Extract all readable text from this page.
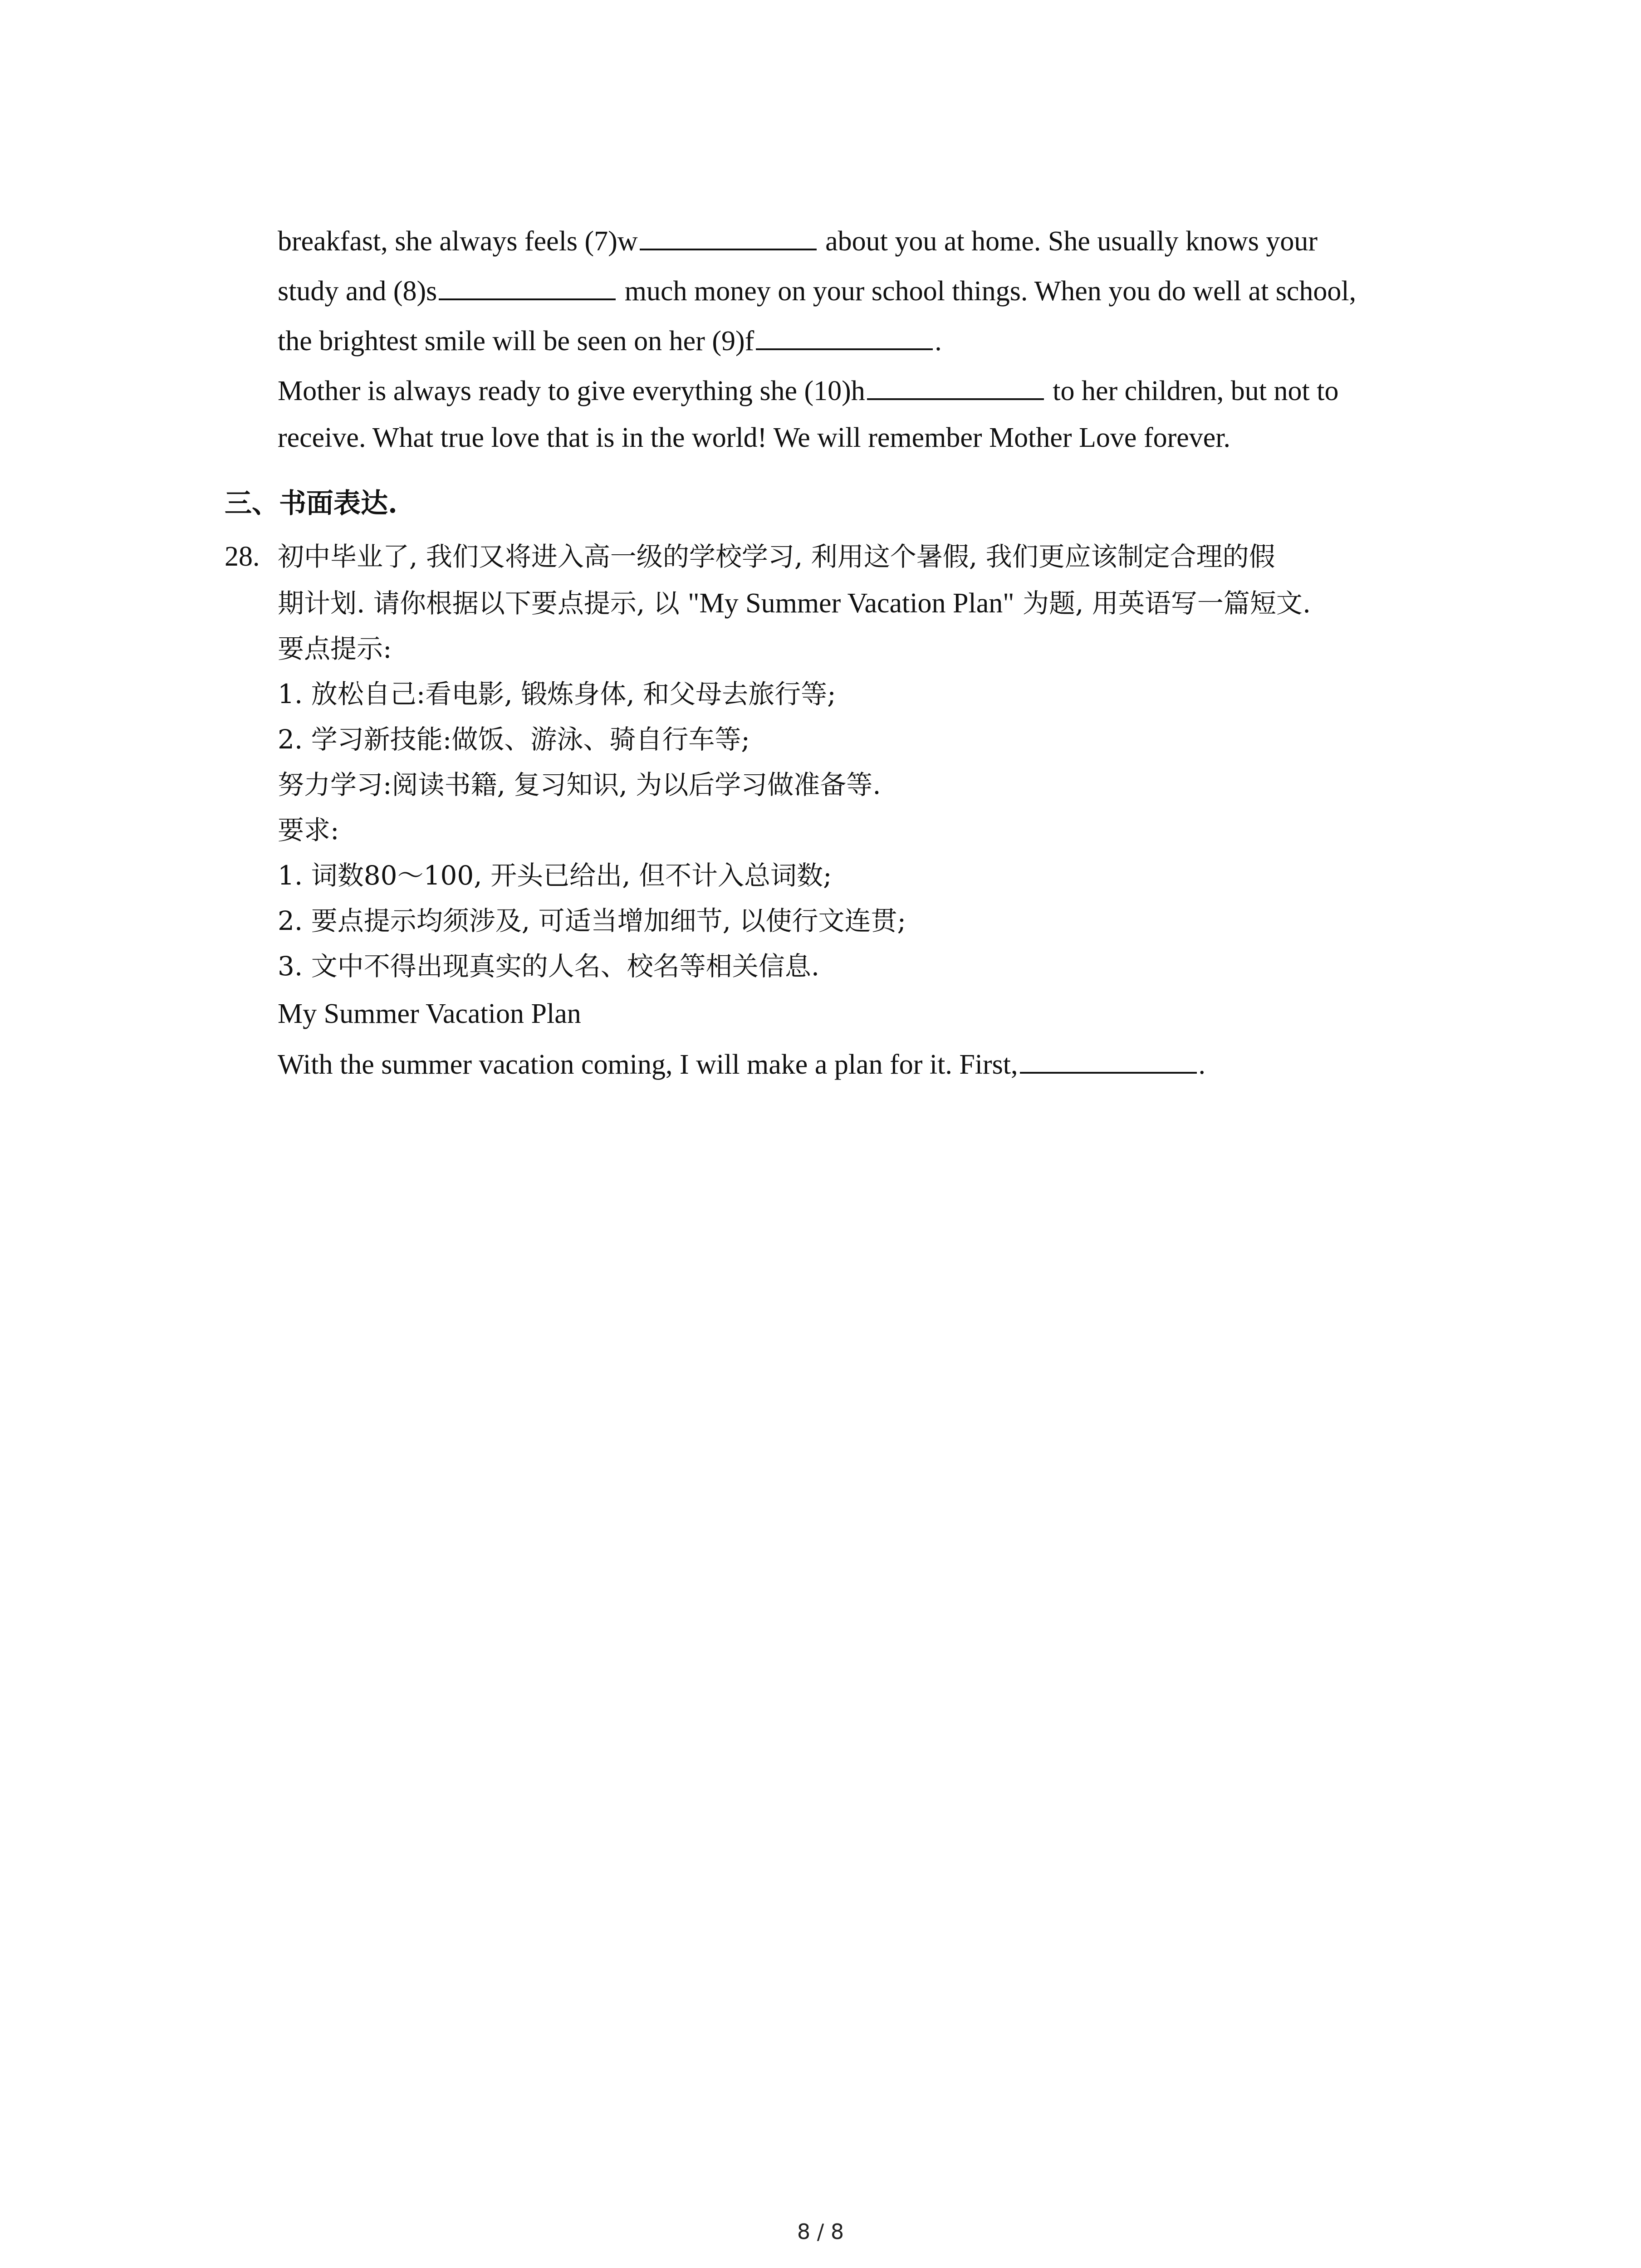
breakfast, she always feels (7)w	about you at home. She usually knows your
study and (8)s	much money on your school things. When you do well at school,
the brightest smile will be seen on her (9)f	.
Mother is always ready to give everything she (10)h	to her children, but not to
receive. What true love that is in the world! We will remember Mother Love forever.
三、书面表达.
28. 初中毕业了, 我们又将进入高一级的学校学习, 利用这个暑假, 我们更应该制定合理的假
期计划. 请你根据以下要点提示, 以 "My Summer Vacation Plan" 为题, 用英语写一篇短文.
要点提示:
1. 放松自己:看电影, 锻炼身体, 和父母去旅行等;
2. 学习新技能:做饭、游泳、骑自行车等;
努力学习:阅读书籍, 复习知识, 为以后学习做准备等.
要求:
1. 词数80～100, 开头已给出, 但不计入总词数;
2. 要点提示均须涉及, 可适当增加细节, 以使行文连贯;
3. 文中不得出现真实的人名、校名等相关信息.
My Summer Vacation Plan
With the summer vacation coming, I will make a plan for it. First,	.
8 / 8
